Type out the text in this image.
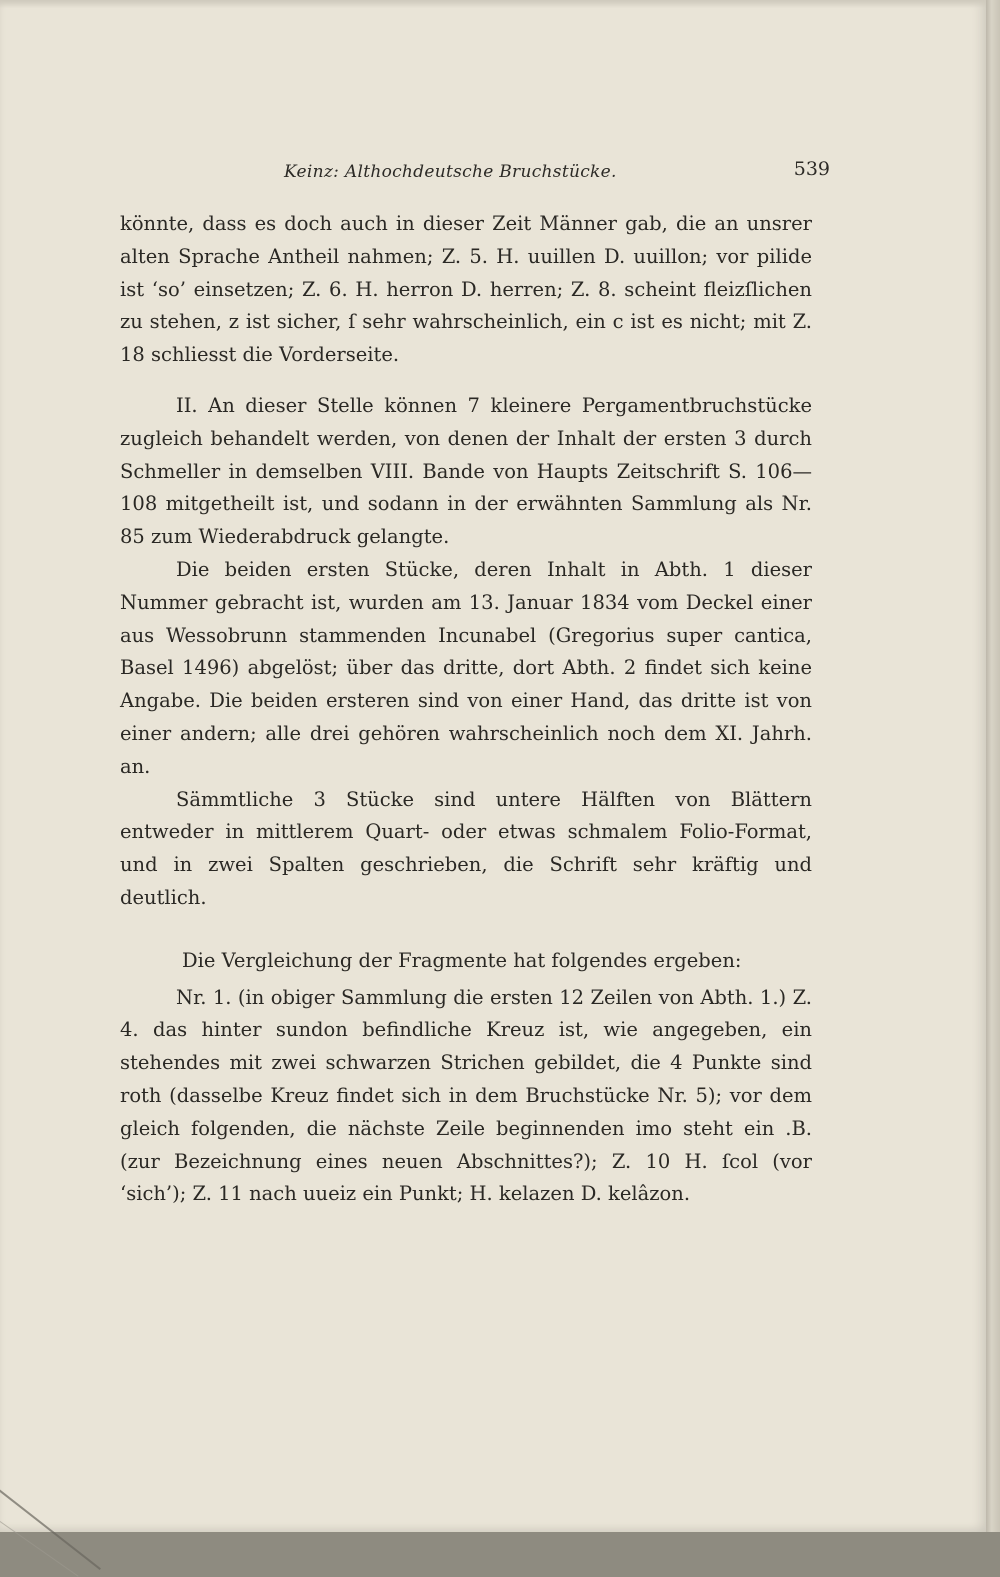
Keinz: Althochdeutsche Bruchstücke.	539

könnte, dass es doch auch in dieser Zeit Männer gab, die an unsrer alten Sprache Antheil nahmen; Z. 5. H. uuillen D. uuillon; vor pilide ist ‘so’ einsetzen; Z. 6. H. herron D. herren; Z. 8. scheint fleizſlichen zu stehen, z ist sicher, ſ sehr wahrscheinlich, ein c ist es nicht; mit Z. 18 schliesst die Vorderseite.

II. An dieser Stelle können 7 kleinere Pergamentbruchstücke zugleich behandelt werden, von denen der Inhalt der ersten 3 durch Schmeller in demselben VIII. Bande von Haupts Zeitschrift S. 106—108 mitgetheilt ist, und sodann in der erwähnten Sammlung als Nr. 85 zum Wiederabdruck gelangte.

Die beiden ersten Stücke, deren Inhalt in Abth. 1 dieser Nummer gebracht ist, wurden am 13. Januar 1834 vom Deckel einer aus Wessobrunn stammenden Incunabel (Gregorius super cantica, Basel 1496) abgelöst; über das dritte, dort Abth. 2 findet sich keine Angabe. Die beiden ersteren sind von einer Hand, das dritte ist von einer andern; alle drei gehören wahrscheinlich noch dem XI. Jahrh. an.

Sämmtliche 3 Stücke sind untere Hälften von Blättern entweder in mittlerem Quart- oder etwas schmalem Folio-Format, und in zwei Spalten geschrieben, die Schrift sehr kräftig und deutlich.

Die Vergleichung der Fragmente hat folgendes ergeben:

Nr. 1. (in obiger Sammlung die ersten 12 Zeilen von Abth. 1.) Z. 4. das hinter sundon befindliche Kreuz ist, wie angegeben, ein stehendes mit zwei schwarzen Strichen gebildet, die 4 Punkte sind roth (dasselbe Kreuz findet sich in dem Bruchstücke Nr. 5); vor dem gleich folgenden, die nächste Zeile beginnenden imo steht ein .B. (zur Bezeichnung eines neuen Abschnittes?); Z. 10 H. ſcol (vor ‘sich’); Z. 11 nach uueiz ein Punkt; H. kelazen D. kelâzon.
